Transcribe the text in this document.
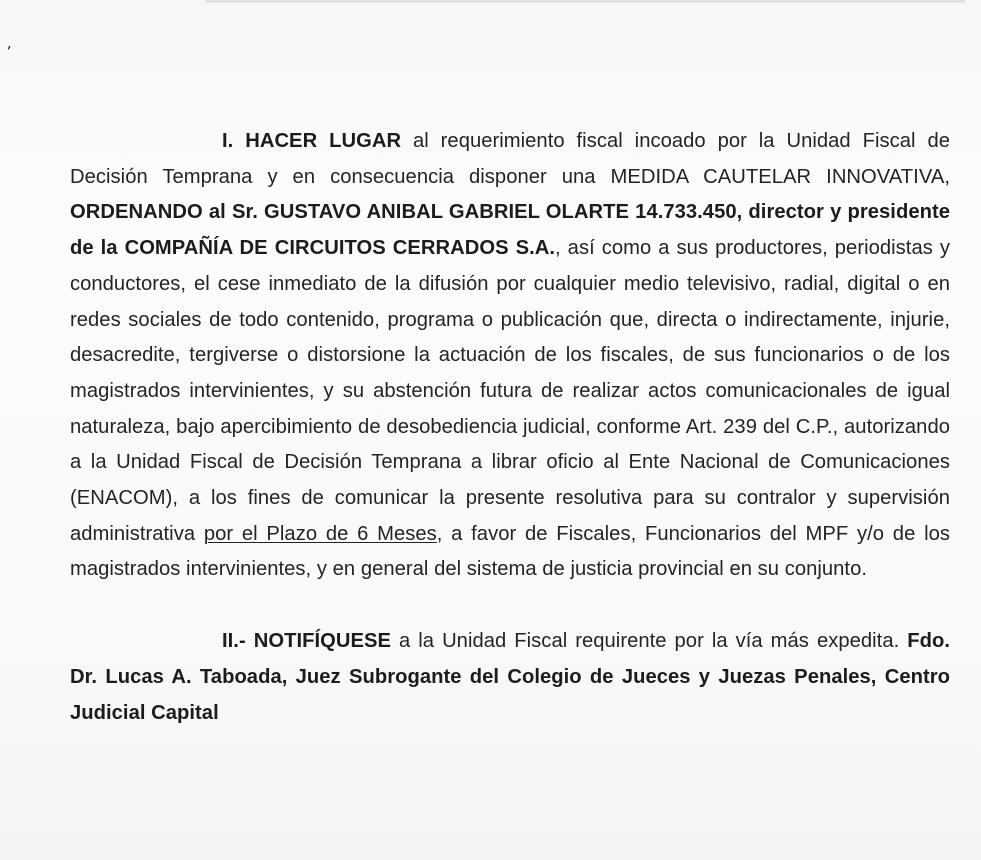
'

I. HACER LUGAR al requerimiento fiscal incoado por la Unidad Fiscal de Decisión Temprana y en consecuencia disponer una MEDIDA CAUTELAR INNOVATIVA, ORDENANDO al Sr. GUSTAVO ANIBAL GABRIEL OLARTE 14.733.450, director y presidente de la COMPAÑÍA DE CIRCUITOS CERRADOS S.A., así como a sus productores, periodistas y conductores, el cese inmediato de la difusión por cualquier medio televisivo, radial, digital o en redes sociales de todo contenido, programa o publicación que, directa o indirectamente, injurie, desacredite, tergiverse o distorsione la actuación de los fiscales, de sus funcionarios o de los magistrados intervinientes, y su abstención futura de realizar actos comunicacionales de igual naturaleza, bajo apercibimiento de desobediencia judicial, conforme Art. 239 del C.P., autorizando a la Unidad Fiscal de Decisión Temprana a librar oficio al Ente Nacional de Comunicaciones (ENACOM), a los fines de comunicar la presente resolutiva para su contralor y supervisión administrativa por el Plazo de 6 Meses, a favor de Fiscales, Funcionarios del MPF y/o de los magistrados intervinientes, y en general del sistema de justicia provincial en su conjunto.

II.- NOTIFÍQUESE a la Unidad Fiscal requirente por la vía más expedita. Fdo. Dr. Lucas A. Taboada, Juez Subrogante del Colegio de Jueces y Juezas Penales, Centro Judicial Capital
